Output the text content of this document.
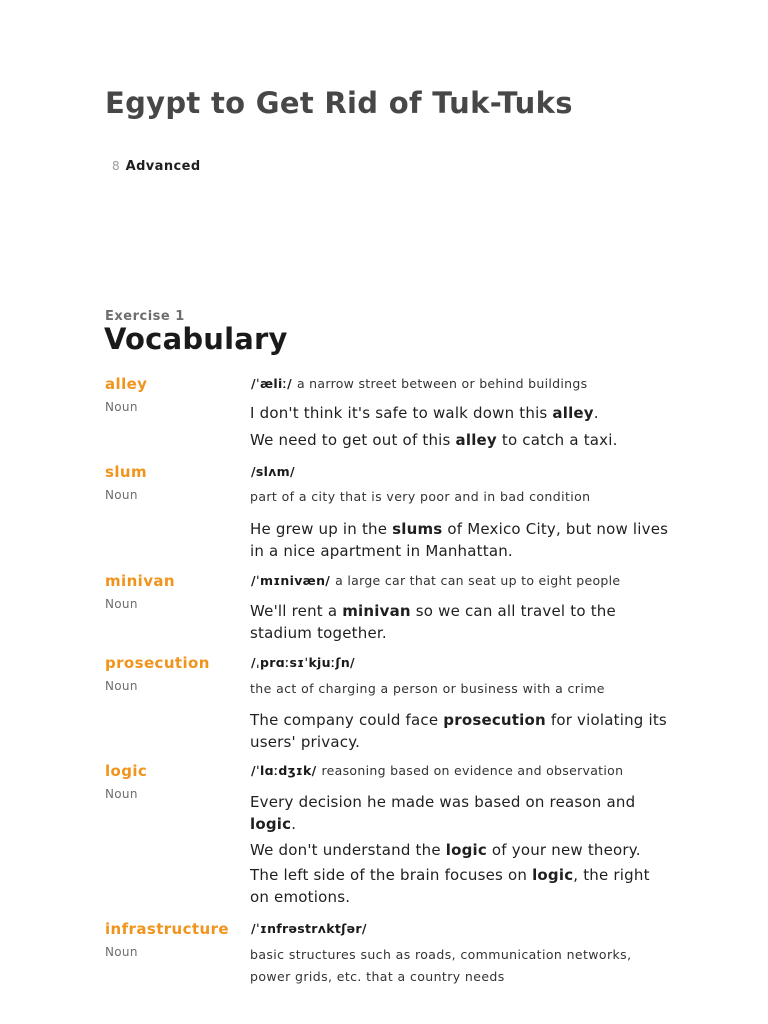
Egypt to Get Rid of Tuk-Tuks
8 Advanced
Exercise 1
Vocabulary
alley
Noun
/ˈæliː/ a narrow street between or behind buildings
I don't think it's safe to walk down this alley.
We need to get out of this alley to catch a taxi.
slum
Noun
/slʌm/
part of a city that is very poor and in bad condition
He grew up in the slums of Mexico City, but now lives in a nice apartment in Manhattan.
minivan
Noun
/ˈmɪnivæn/ a large car that can seat up to eight people
We'll rent a minivan so we can all travel to the stadium together.
prosecution
Noun
/ˌprɑːsɪˈkjuːʃn/
the act of charging a person or business with a crime
The company could face prosecution for violating its users' privacy.
logic
Noun
/ˈlɑːdʒɪk/ reasoning based on evidence and observation
Every decision he made was based on reason and logic.
We don't understand the logic of your new theory.
The left side of the brain focuses on logic, the right on emotions.
infrastructure
Noun
/ˈɪnfrəstrʌktʃər/
basic structures such as roads, communication networks, power grids, etc. that a country needs
